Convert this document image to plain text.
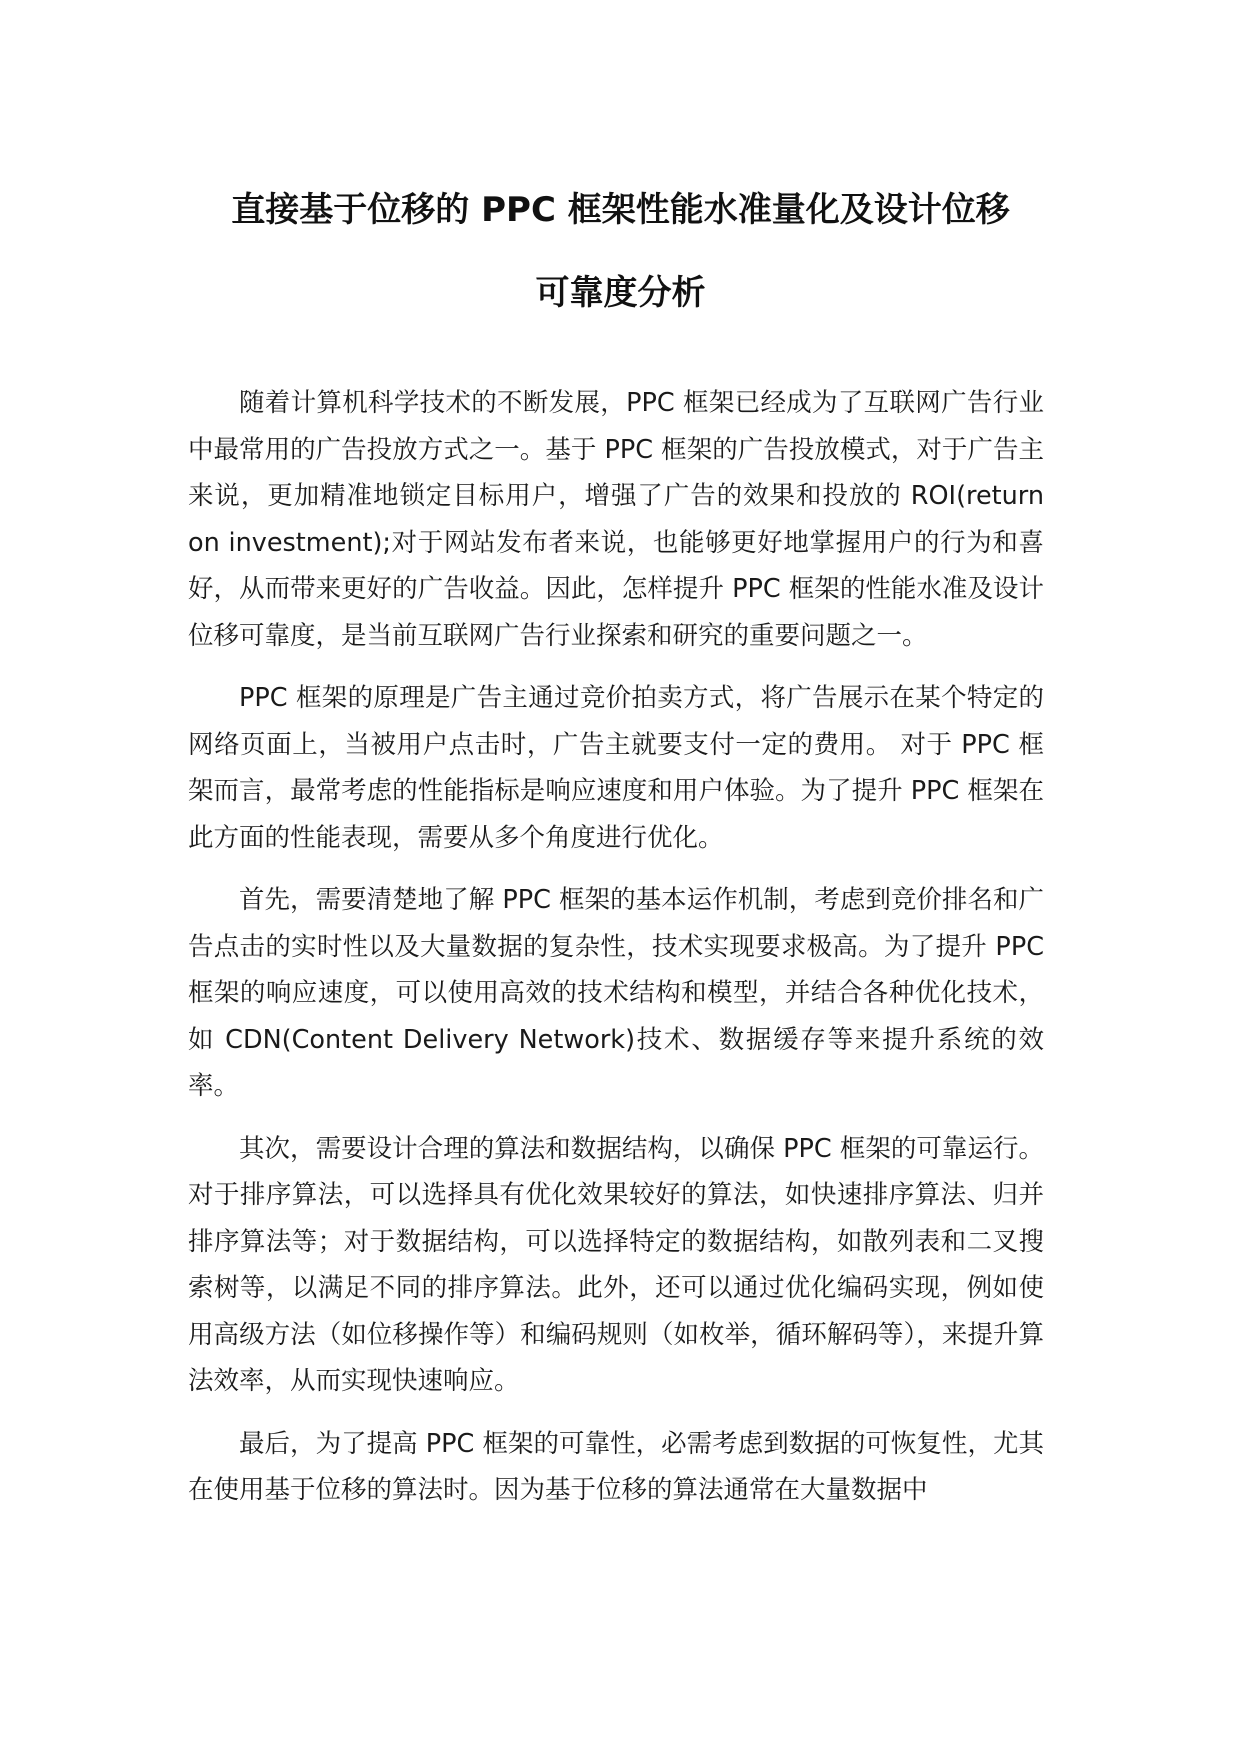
直接基于位移的 PPC 框架性能水准量化及设计位移
可靠度分析

随着计算机科学技术的不断发展，PPC 框架已经成为了互联网广告行业中最常用的广告投放方式之一。基于 PPC 框架的广告投放模式，对于广告主来说，更加精准地锁定目标用户，增强了广告的效果和投放的 ROI(return on investment);对于网站发布者来说，也能够更好地掌握用户的行为和喜好，从而带来更好的广告收益。因此，怎样提升 PPC 框架的性能水准及设计位移可靠度，是当前互联网广告行业探索和研究的重要问题之一。

PPC 框架的原理是广告主通过竞价拍卖方式，将广告展示在某个特定的网络页面上，当被用户点击时，广告主就要支付一定的费用。 对于 PPC 框架而言，最常考虑的性能指标是响应速度和用户体验。为了提升 PPC 框架在此方面的性能表现，需要从多个角度进行优化。

首先，需要清楚地了解 PPC 框架的基本运作机制，考虑到竞价排名和广告点击的实时性以及大量数据的复杂性，技术实现要求极高。为了提升 PPC 框架的响应速度，可以使用高效的技术结构和模型，并结合各种优化技术，如 CDN(Content Delivery Network)技术、数据缓存等来提升系统的效率。

其次，需要设计合理的算法和数据结构，以确保 PPC 框架的可靠运行。对于排序算法，可以选择具有优化效果较好的算法，如快速排序算法、归并排序算法等；对于数据结构，可以选择特定的数据结构，如散列表和二叉搜索树等，以满足不同的排序算法。此外，还可以通过优化编码实现，例如使用高级方法（如位移操作等）和编码规则（如枚举，循环解码等），来提升算法效率，从而实现快速响应。

最后，为了提高 PPC 框架的可靠性，必需考虑到数据的可恢复性，尤其在使用基于位移的算法时。因为基于位移的算法通常在大量数据中
